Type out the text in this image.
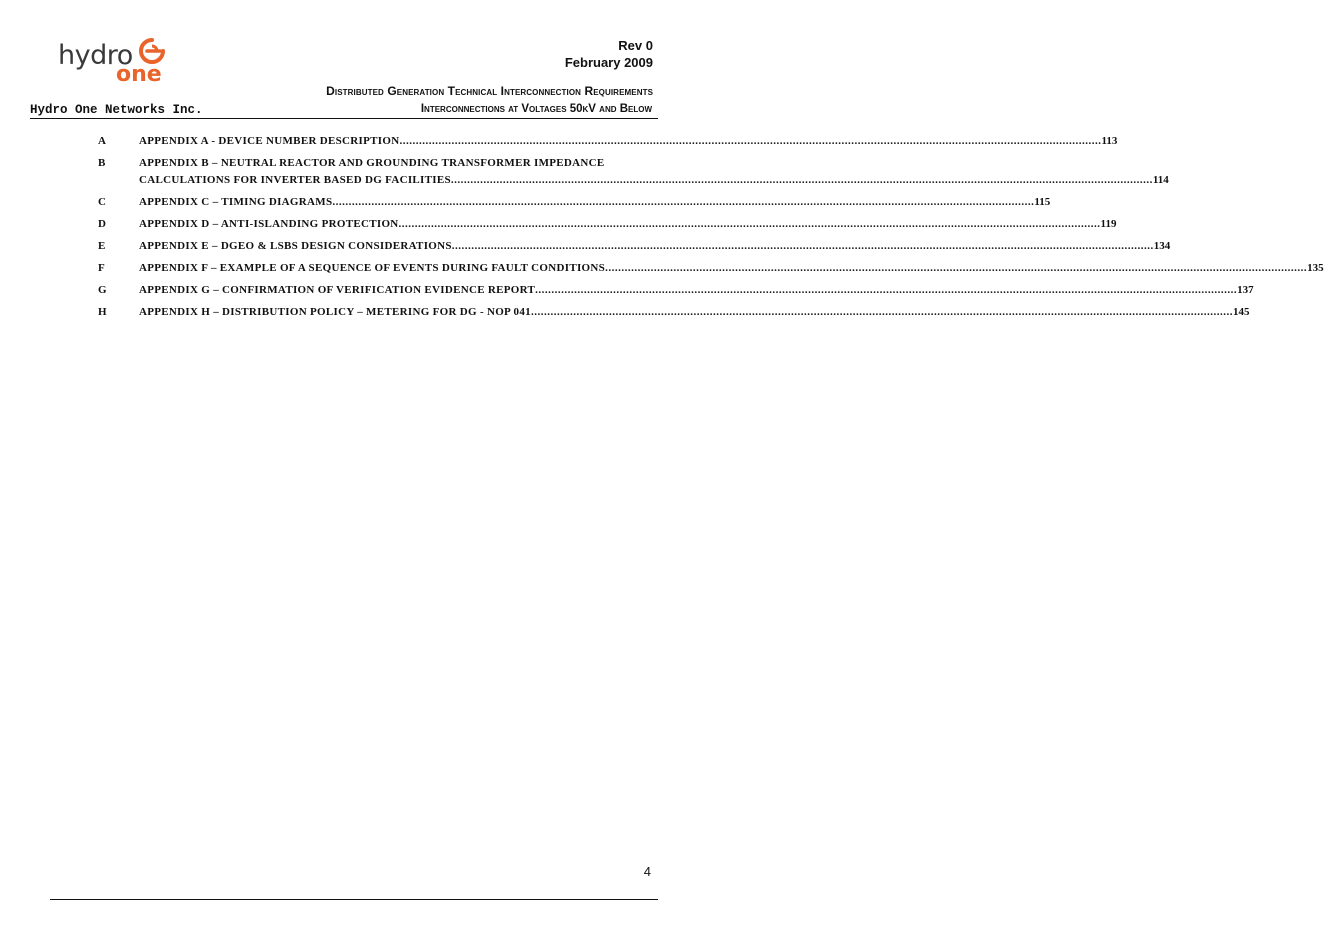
hydro
one
Rev 0
February 2009
Distributed Generation Technical Interconnection Requirements
Hydro One Networks Inc.	Interconnections at Voltages 50kV and Below
A	APPENDIX A - DEVICE NUMBER DESCRIPTION .....	113
B	APPENDIX B – NEUTRAL REACTOR AND GROUNDING TRANSFORMER IMPEDANCE
CALCULATIONS FOR INVERTER BASED DG FACILITIES .....	114
C	APPENDIX C – TIMING DIAGRAMS .....	115
D	APPENDIX D – ANTI-ISLANDING PROTECTION .....	119
E	APPENDIX E – DGEO & LSBS DESIGN CONSIDERATIONS .....	134
F	APPENDIX F – EXAMPLE OF A SEQUENCE OF EVENTS DURING FAULT CONDITIONS .....	135
G	APPENDIX G – CONFIRMATION OF VERIFICATION EVIDENCE REPORT .....	137
H	APPENDIX H – DISTRIBUTION POLICY – METERING FOR DG - NOP 041 .....	145
4
